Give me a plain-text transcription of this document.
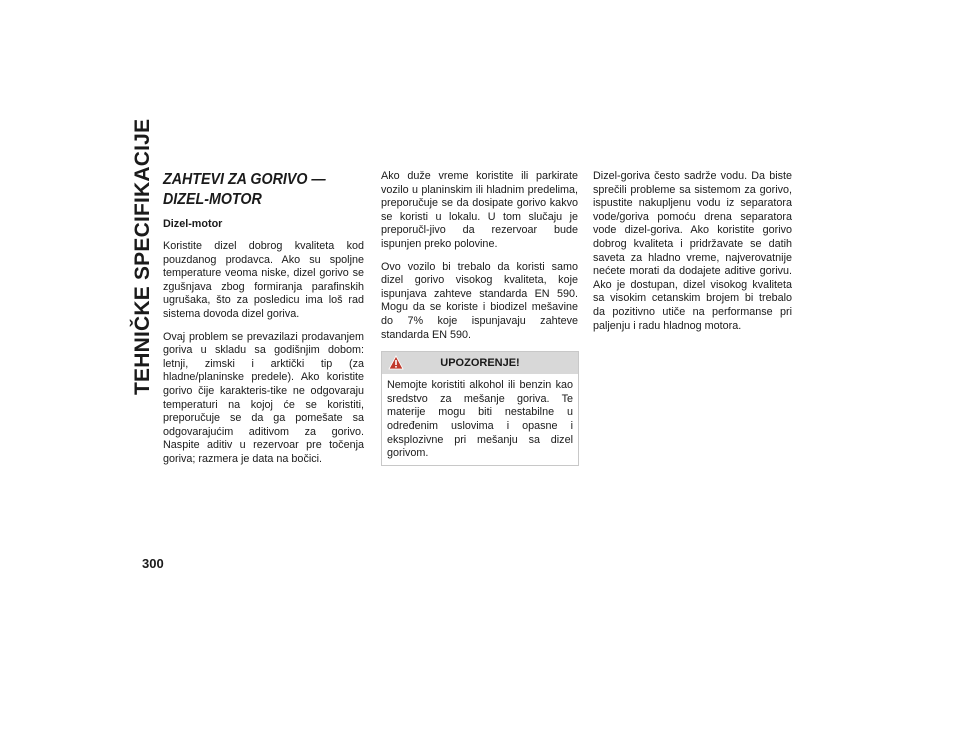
TEHNIČKE SPECIFIKACIJE ZAHTEVI ZA GORIVO —
DIZEL-MOTOR
Dizel-motor

Koristite dizel dobrog kvaliteta kod pouzdanog prodavca. Ako su spoljne temperature veoma niske, dizel gorivo se zgušnjava zbog formiranja parafinskih ugrušaka, što za posledicu ima loš rad sistema dovoda dizel goriva.

Ovaj problem se prevazilazi prodavanjem goriva u skladu sa godišnjim dobom: letnji, zimski i arktički tip (za hladne/planinske predele). Ako koristite gorivo čije karakteris-tike ne odgovaraju temperaturi na kojoj će se koristiti, preporučuje se da ga pomešate sa odgovarajućim aditivom za gorivo. Naspite aditiv u rezervoar pre točenja goriva; razmera je data na bočici.

Ako duže vreme koristite ili parkirate vozilo u planinskim ili hladnim predelima, preporučuje se da dosipate gorivo kakvo se koristi u lokalu. U tom slučaju je preporučl-jivo da rezervoar bude ispunjen preko polovine.

Ovo vozilo bi trebalo da koristi samo dizel gorivo visokog kvaliteta, koje ispunjava zahteve standarda EN 590. Mogu da se koriste i biodizel mešavine do 7% koje ispunjavaju zahteve standarda EN 590.

UPOZORENJE!
Nemojte koristiti alkohol ili benzin kao sredstvo za mešanje goriva. Te materije mogu biti nestabilne u određenim uslovima i opasne i eksplozivne pri mešanju sa dizel gorivom.

Dizel-goriva često sadrže vodu. Da biste sprečili probleme sa sistemom za gorivo, ispustite nakupljenu vodu iz separatora vode/goriva pomoću drena separatora vode dizel-goriva. Ako koristite gorivo dobrog kvaliteta i pridržavate se datih saveta za hladno vreme, najverovatnije nećete morati da dodajete aditive gorivu. Ako je dostupan, dizel visokog kvaliteta sa visokim cetanskim brojem bi trebalo da pozitivno utiče na performanse pri paljenju i radu hladnog motora.

300
